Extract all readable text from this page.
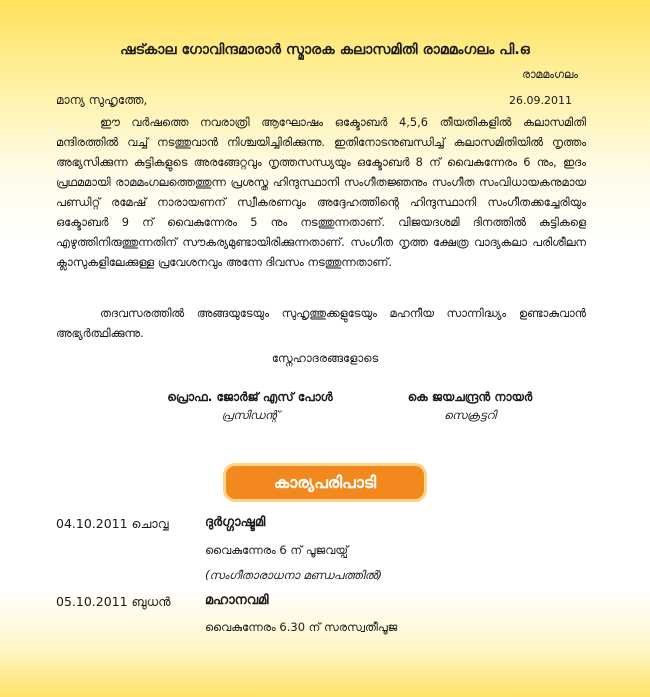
ഷട്കാല ഗോവിന്ദമാരാർ സ്മാരക കലാസമിതി രാമമംഗലം പി.ഒ
രാമമംഗലം
മാന്യ സുഹൃത്തേ,	26.09.2011

ഈ വർഷത്തെ നവരാത്രി ആഘോഷം ഒക്ടോബർ 4,5,6 തീയതികളിൽ കലാസമിതി മന്ദിരത്തിൽ വച്ച് നടത്തുവാൻ നിശ്ചയിച്ചിരിക്കുന്നു. ഇതിനോടനുബന്ധിച്ച് കലാസമിതിയിൽ നൃത്തം അഭ്യസിക്കുന്ന കുട്ടികളുടെ അരങ്ങേറ്റവും നൃത്തസന്ധ്യയും ഒക്ടോബർ 8 ന് വൈകുന്നേരം 6 നും, ഇദം പ്രഥമമായി രാമമംഗലത്തെത്തുന്ന പ്രശസ്ത ഹിന്ദുസ്ഥാനി സംഗീതജ്ഞനും സംഗീത സംവിധായകനുമായ പണ്ഡിറ്റ് രമേഷ് നാരായണന് സ്വീകരണവും അദ്ദേഹത്തിന്റെ ഹിന്ദുസ്ഥാനി സംഗീതക്കച്ചേരിയും ഒക്ടോബർ 9 ന് വൈകുന്നേരം 5 നും നടത്തുന്നതാണ്. വിജയദശമി ദിനത്തിൽ കുട്ടികളെ എഴുത്തിനിരുത്തുന്നതിന് സൗകര്യമുണ്ടായിരിക്കുന്നതാണ്. സംഗീത നൃത്ത ക്ഷേത്ര വാദ്യകലാ പരിശീലന ക്ലാസുകളിലേക്കുള്ള പ്രവേശനവും അന്നേ ദിവസം നടത്തുന്നതാണ്.

തദവസരത്തിൽ അങ്ങയുടേയും സുഹൃത്തുക്കളുടേയും മഹനീയ സാന്നിദ്ധ്യം ഉണ്ടാകുവാൻ അഭ്യർത്ഥിക്കുന്നു.

സ്നേഹാദരങ്ങളോടെ
പ്രൊഫ. ജോർജ് എസ് പോൾ
പ്രസിഡന്റ്
കെ ജയചന്ദ്രൻ നായർ
സെക്രട്ടറി
കാര്യപരിപാടി
04.10.2011 ചൊവ്വ	ദുർഗ്ഗാഷ്ടമി
വൈകുന്നേരം 6 ന് പൂജവയ്പ്
(സംഗീതാരാധനാ മണ്ഡപത്തിൽ)
05.10.2011 ബുധൻ	മഹാനവമി
വൈകുന്നേരം 6.30 ന് സരസ്വതീപൂജ
